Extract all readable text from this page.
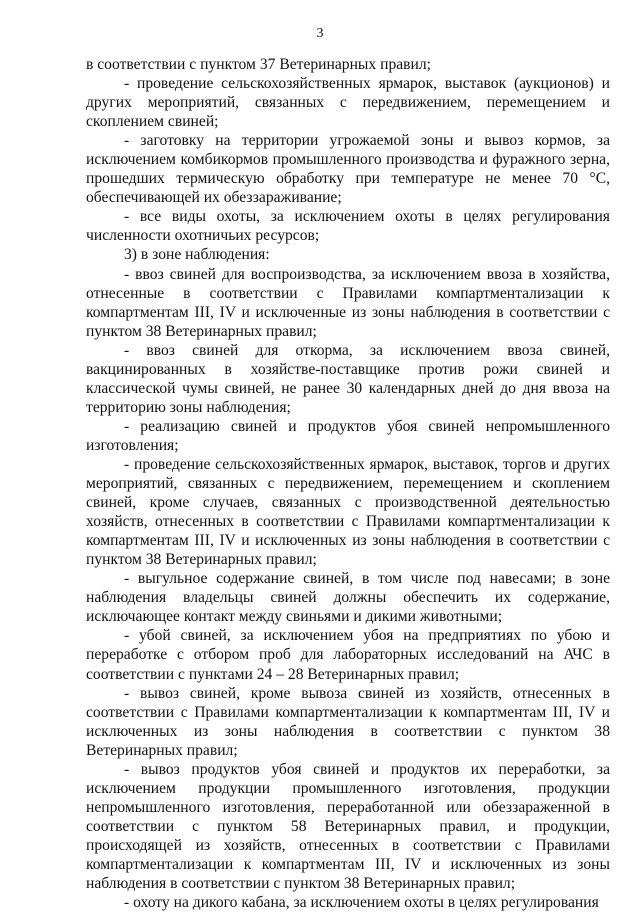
3

в соответствии с пунктом 37 Ветеринарных правил;

- проведение сельскохозяйственных ярмарок, выставок (аукционов) и других мероприятий, связанных с передвижением, перемещением и скоплением свиней;

- заготовку на территории угрожаемой зоны и вывоз кормов, за исключением комбикормов промышленного производства и фуражного зерна, прошедших термическую обработку при температуре не менее 70 °С, обеспечивающей их обеззараживание;

- все виды охоты, за исключением охоты в целях регулирования численности охотничьих ресурсов;

3) в зоне наблюдения:

- ввоз свиней для воспроизводства, за исключением ввоза в хозяйства, отнесенные в соответствии с Правилами компартментализации к компартментам III, IV и исключенные из зоны наблюдения в соответствии с пунктом 38 Ветеринарных правил;

- ввоз свиней для откорма, за исключением ввоза свиней, вакцинированных в хозяйстве-поставщике против рожи свиней и классической чумы свиней, не ранее 30 календарных дней до дня ввоза на территорию зоны наблюдения;

- реализацию свиней и продуктов убоя свиней непромышленного изготовления;

- проведение сельскохозяйственных ярмарок, выставок, торгов и других мероприятий, связанных с передвижением, перемещением и скоплением свиней, кроме случаев, связанных с производственной деятельностью хозяйств, отнесенных в соответствии с Правилами компартментализации к компартментам III, IV и исключенных из зоны наблюдения в соответствии с пунктом 38 Ветеринарных правил;

- выгульное содержание свиней, в том числе под навесами; в зоне наблюдения владельцы свиней должны обеспечить их содержание, исключающее контакт между свиньями и дикими животными;

- убой свиней, за исключением убоя на предприятиях по убою и переработке с отбором проб для лабораторных исследований на АЧС в соответствии с пунктами 24 – 28 Ветеринарных правил;

- вывоз свиней, кроме вывоза свиней из хозяйств, отнесенных в соответствии с Правилами компартментализации к компартментам III, IV и исключенных из зоны наблюдения в соответствии с пунктом 38 Ветеринарных правил;

- вывоз продуктов убоя свиней и продуктов их переработки, за исключением продукции промышленного изготовления, продукции непромышленного изготовления, переработанной или обеззараженной в соответствии с пунктом 58 Ветеринарных правил, и продукции, происходящей из хозяйств, отнесенных в соответствии с Правилами компартментализации к компартментам III, IV и исключенных из зоны наблюдения в соответствии с пунктом 38 Ветеринарных правил;

- охоту на дикого кабана, за исключением охоты в целях регулирования
